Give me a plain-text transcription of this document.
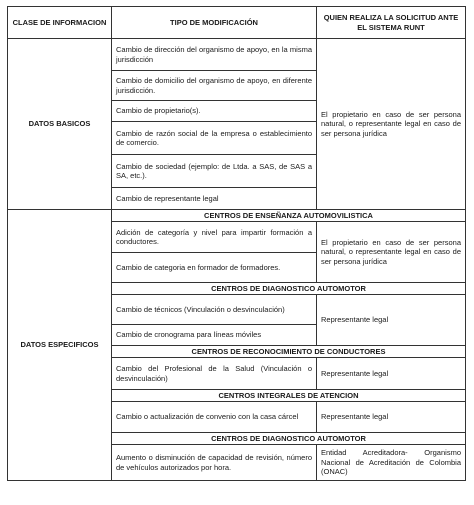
CLASE DE INFORMACION	TIPO DE MODIFICACIÓN	QUIEN REALIZA LA SOLICITUD ANTE EL SISTEMA RUNT
DATOS BASICOS	Cambio de dirección del organismo de apoyo, en la misma jurisdicción	El propietario en caso de ser persona natural, o representante legal en caso de ser persona jurídica
	Cambio de domicilio del organismo de apoyo, en diferente jurisdicción.	
	Cambio de propietario(s).	
	Cambio de razón social de la empresa o establecimiento de comercio.	
	Cambio de sociedad (ejemplo: de Ltda. a SAS, de SAS a SA, etc.).	
	Cambio de representante legal	
DATOS ESPECIFICOS	CENTROS DE ENSEÑANZA AUTOMOVILISTICA	
	Adición de categoría y nivel para impartir formación a conductores.	El propietario en caso de ser persona natural, o representante legal en caso de ser persona jurídica
	Cambio de categoria en formador de formadores.	
	CENTROS DE DIAGNOSTICO AUTOMOTOR	
	Cambio de técnicos (Vinculación o desvinculación)	Representante legal
	Cambio de cronograma para líneas móviles	
	CENTROS DE RECONOCIMIENTO DE CONDUCTORES	
	Cambio del Profesional de la Salud (Vinculación o desvinculación)	Representante legal
	CENTROS INTEGRALES DE ATENCION	
	Cambio o actualización de convenio con la casa cárcel	Representante legal
	CENTROS DE DIAGNOSTICO AUTOMOTOR	
	Aumento o disminución de capacidad de revisión, número de vehículos autorizados por hora.	Entidad Acreditadora- Organismo Nacional de Acreditación de Colombia (ONAC)
